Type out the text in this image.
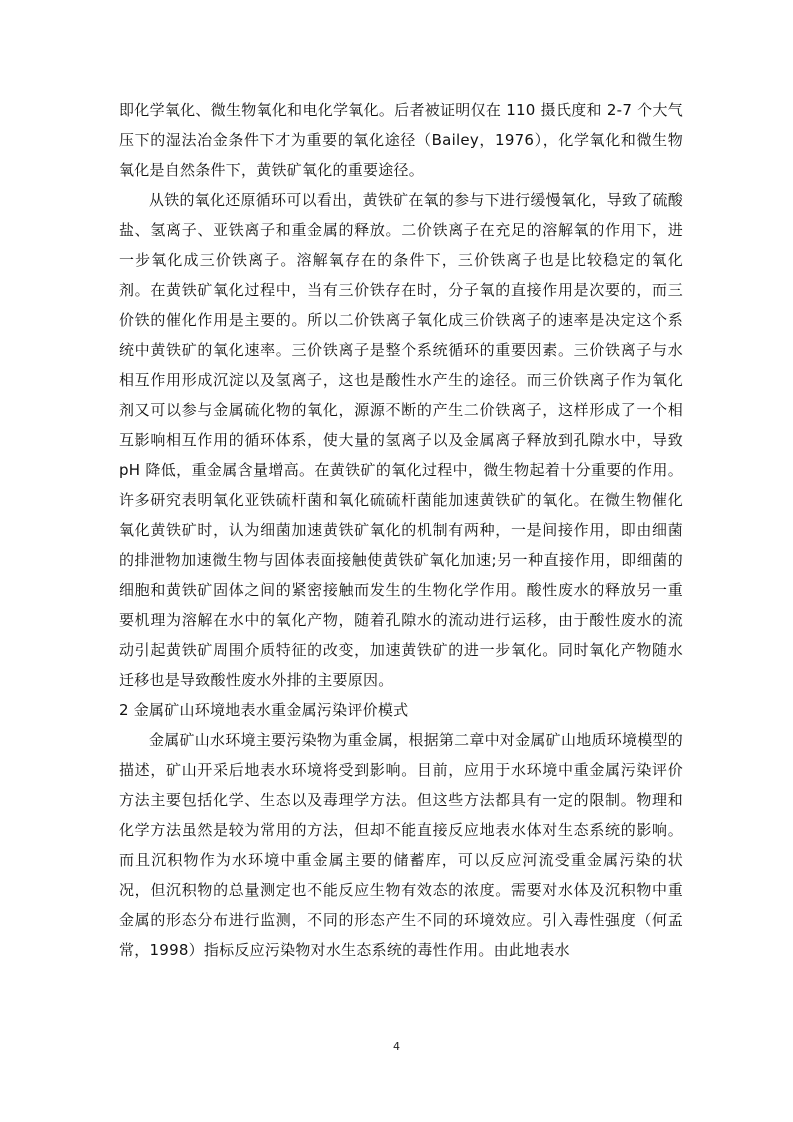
即化学氧化、微生物氧化和电化学氧化。后者被证明仅在 110 摄氏度和 2-7 个大气压下的湿法冶金条件下才为重要的氧化途径（Bailey，1976），化学氧化和微生物氧化是自然条件下，黄铁矿氧化的重要途径。

从铁的氧化还原循环可以看出，黄铁矿在氧的参与下进行缓慢氧化，导致了硫酸盐、氢离子、亚铁离子和重金属的释放。二价铁离子在充足的溶解氧的作用下，进一步氧化成三价铁离子。溶解氧存在的条件下，三价铁离子也是比较稳定的氧化剂。在黄铁矿氧化过程中，当有三价铁存在时，分子氧的直接作用是次要的，而三价铁的催化作用是主要的。所以二价铁离子氧化成三价铁离子的速率是决定这个系统中黄铁矿的氧化速率。三价铁离子是整个系统循环的重要因素。三价铁离子与水相互作用形成沉淀以及氢离子，这也是酸性水产生的途径。而三价铁离子作为氧化剂又可以参与金属硫化物的氧化，源源不断的产生二价铁离子，这样形成了一个相互影响相互作用的循环体系，使大量的氢离子以及金属离子释放到孔隙水中，导致 pH 降低，重金属含量增高。在黄铁矿的氧化过程中，微生物起着十分重要的作用。许多研究表明氧化亚铁硫杆菌和氧化硫硫杆菌能加速黄铁矿的氧化。在微生物催化氧化黄铁矿时，认为细菌加速黄铁矿氧化的机制有两种，一是间接作用，即由细菌的排泄物加速微生物与固体表面接触使黄铁矿氧化加速;另一种直接作用，即细菌的细胞和黄铁矿固体之间的紧密接触而发生的生物化学作用。酸性废水的释放另一重要机理为溶解在水中的氧化产物，随着孔隙水的流动进行运移，由于酸性废水的流动引起黄铁矿周围介质特征的改变，加速黄铁矿的进一步氧化。同时氧化产物随水迁移也是导致酸性废水外排的主要原因。

2 金属矿山环境地表水重金属污染评价模式

金属矿山水环境主要污染物为重金属，根据第二章中对金属矿山地质环境模型的描述，矿山开采后地表水环境将受到影响。目前，应用于水环境中重金属污染评价方法主要包括化学、生态以及毒理学方法。但这些方法都具有一定的限制。物理和化学方法虽然是较为常用的方法，但却不能直接反应地表水体对生态系统的影响。而且沉积物作为水环境中重金属主要的储蓄库，可以反应河流受重金属污染的状况，但沉积物的总量测定也不能反应生物有效态的浓度。需要对水体及沉积物中重金属的形态分布进行监测，不同的形态产生不同的环境效应。引入毒性强度（何孟常，1998）指标反应污染物对水生态系统的毒性作用。由此地表水

4
